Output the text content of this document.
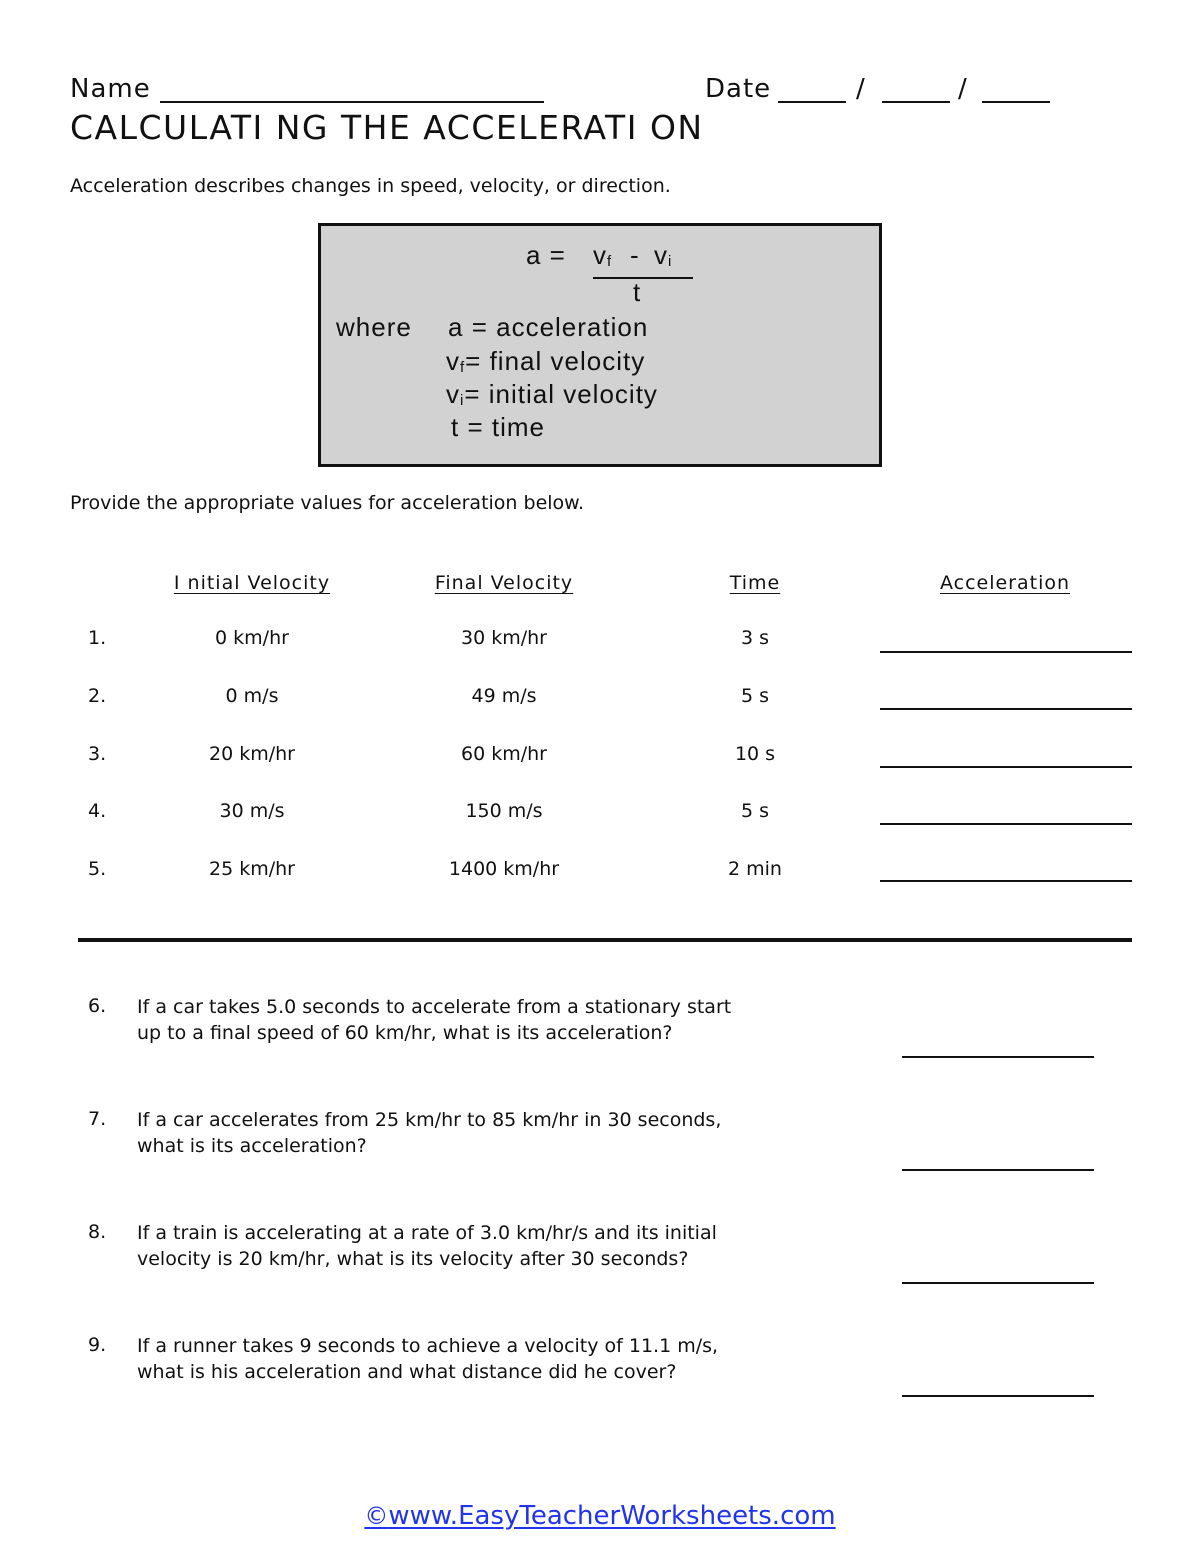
Name	Date	/	/
CALCULATI NG THE ACCELERATI ON
Acceleration describes changes in speed, velocity, or direction.
$a = v_f - v_i$
t
where a = acceleration
$v_f=$ final velocity
$v_i=$ initial velocity
t = time
Provide the appropriate values for acceleration below.
I nitial Velocity	Final Velocity	Time	Acceleration
1.	0 km/hr	30 km/hr	3 s
2.	0 m/s	49 m/s	5 s
3.	20 km/hr	60 km/hr	10 s
4.	30 m/s	150 m/s	5 s
5.	25 km/hr	1400 km/hr	2 min
6. If a car takes 5.0 seconds to accelerate from a stationary start
up to a final speed of 60 km/hr, what is its acceleration?
7. If a car accelerates from 25 km/hr to 85 km/hr in 30 seconds,
what is its acceleration?
8. If a train is accelerating at a rate of 3.0 km/hr/s and its initial
velocity is 20 km/hr, what is its velocity after 30 seconds?
9. If a runner takes 9 seconds to achieve a velocity of 11.1 m/s,
what is his acceleration and what distance did he cover?
©www.EasyTeacherWorksheets.com
